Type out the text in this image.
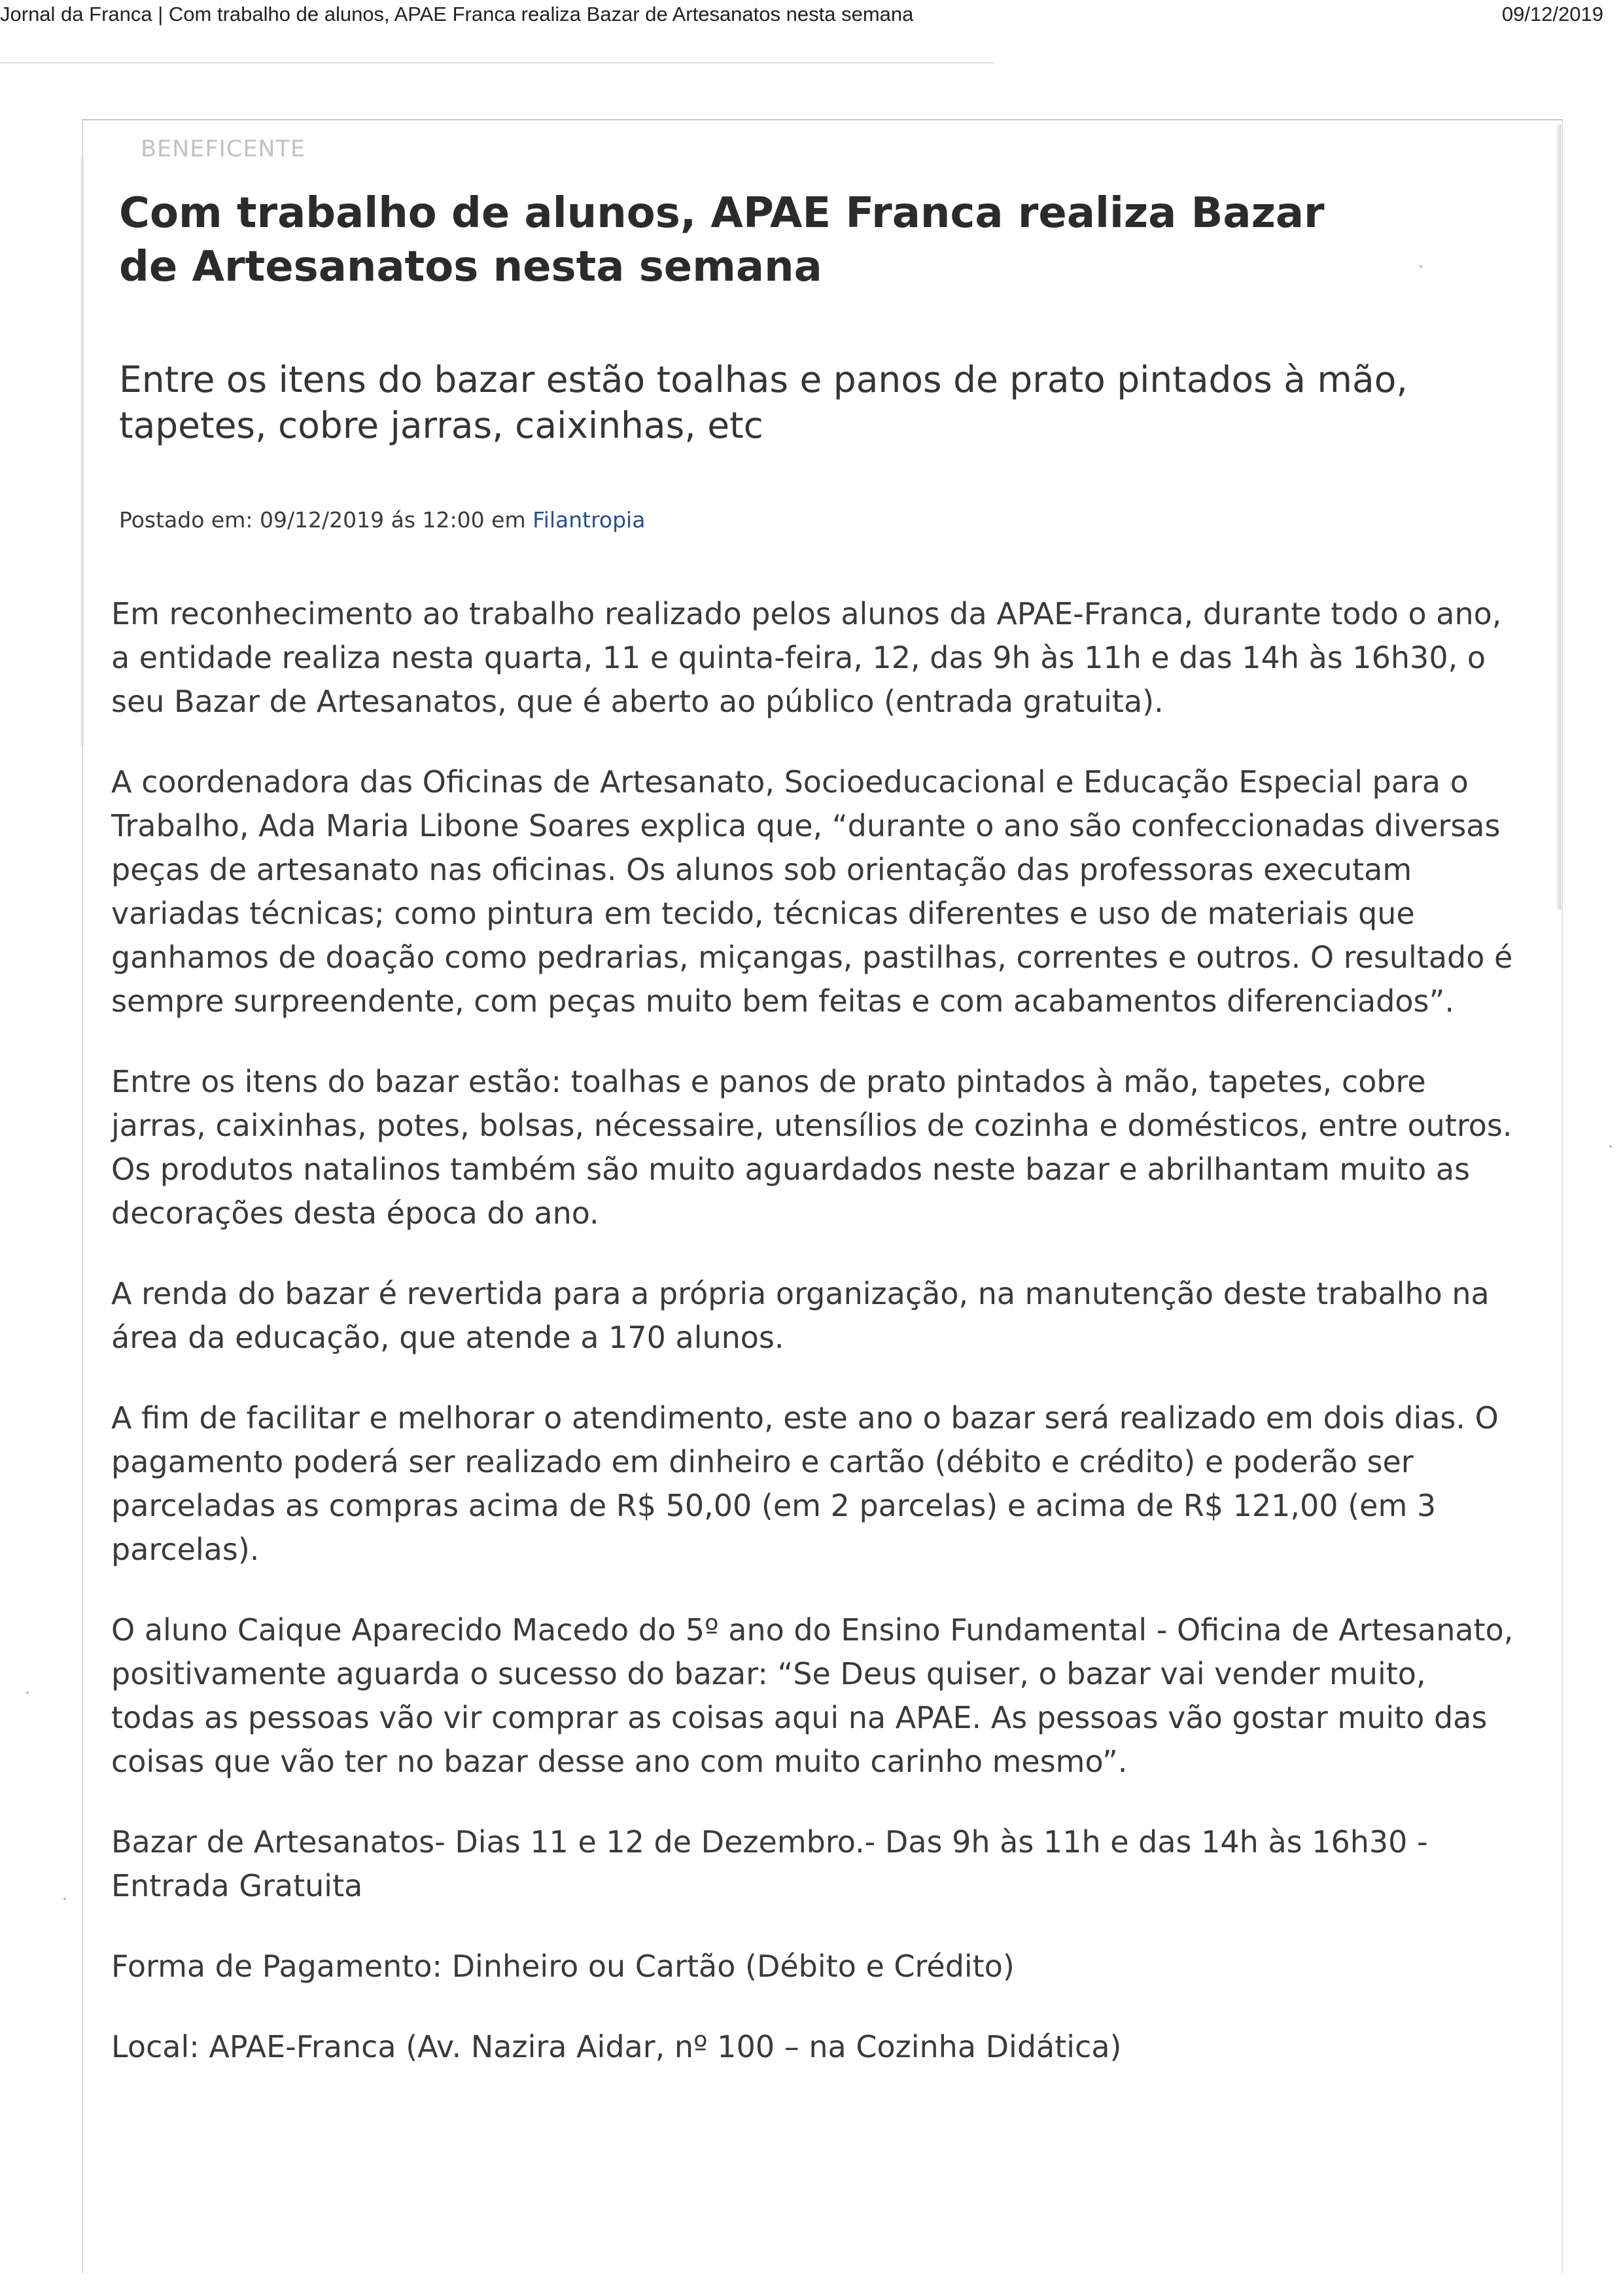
Jornal da Franca | Com trabalho de alunos, APAE Franca realiza Bazar de Artesanatos nesta semana	09/12/2019
BENEFICENTE
Com trabalho de alunos, APAE Franca realiza Bazar de Artesanatos nesta semana
Entre os itens do bazar estão toalhas e panos de prato pintados à mão, tapetes, cobre jarras, caixinhas, etc
Postado em: 09/12/2019 ás 12:00 em Filantropia

Em reconhecimento ao trabalho realizado pelos alunos da APAE-Franca, durante todo o ano, a entidade realiza nesta quarta, 11 e quinta-feira, 12, das 9h às 11h e das 14h às 16h30, o seu Bazar de Artesanatos, que é aberto ao público (entrada gratuita).

A coordenadora das Oficinas de Artesanato, Socioeducacional e Educação Especial para o Trabalho, Ada Maria Libone Soares explica que, “durante o ano são confeccionadas diversas peças de artesanato nas oficinas. Os alunos sob orientação das professoras executam variadas técnicas; como pintura em tecido, técnicas diferentes e uso de materiais que ganhamos de doação como pedrarias, miçangas, pastilhas, correntes e outros. O resultado é sempre surpreendente, com peças muito bem feitas e com acabamentos diferenciados”.

Entre os itens do bazar estão: toalhas e panos de prato pintados à mão, tapetes, cobre jarras, caixinhas, potes, bolsas, nécessaire, utensílios de cozinha e domésticos, entre outros. Os produtos natalinos também são muito aguardados neste bazar e abrilhantam muito as decorações desta época do ano.

A renda do bazar é revertida para a própria organização, na manutenção deste trabalho na área da educação, que atende a 170 alunos.

A fim de facilitar e melhorar o atendimento, este ano o bazar será realizado em dois dias. O pagamento poderá ser realizado em dinheiro e cartão (débito e crédito) e poderão ser parceladas as compras acima de R$ 50,00 (em 2 parcelas) e acima de R$ 121,00 (em 3 parcelas).

O aluno Caique Aparecido Macedo do 5º ano do Ensino Fundamental - Oficina de Artesanato, positivamente aguarda o sucesso do bazar: “Se Deus quiser, o bazar vai vender muito, todas as pessoas vão vir comprar as coisas aqui na APAE. As pessoas vão gostar muito das coisas que vão ter no bazar desse ano com muito carinho mesmo”.

Bazar de Artesanatos- Dias 11 e 12 de Dezembro.- Das 9h às 11h e das 14h às 16h30 - Entrada Gratuita

Forma de Pagamento: Dinheiro ou Cartão (Débito e Crédito)

Local: APAE-Franca (Av. Nazira Aidar, nº 100 – na Cozinha Didática)
